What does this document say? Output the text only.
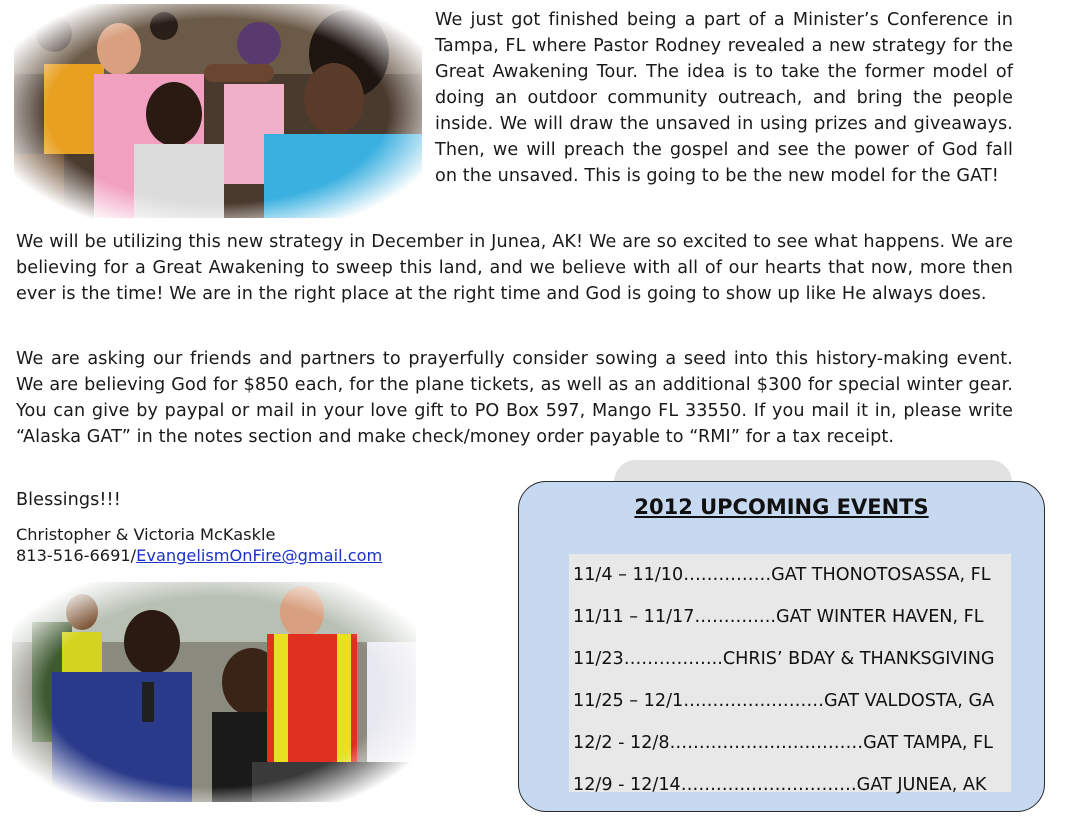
We just got finished being a part of a Minister’s Conference in Tampa, FL where Pastor Rodney revealed a new strategy for the Great Awakening Tour. The idea is to take the former model of doing an outdoor community outreach, and bring the people inside. We will draw the unsaved in using prizes and giveaways. Then, we will preach the gospel and see the power of God fall on the unsaved. This is going to be the new model for the GAT!

We will be utilizing this new strategy in December in Junea, AK! We are so excited to see what happens. We are believing for a Great Awakening to sweep this land, and we believe with all of our hearts that now, more then ever is the time! We are in the right place at the right time and God is going to show up like He always does.

We are asking our friends and partners to prayerfully consider sowing a seed into this history-making event. We are believing God for $850 each, for the plane tickets, as well as an additional $300 for special winter gear. You can give by paypal or mail in your love gift to PO Box 597, Mango FL 33550. If you mail it in, please write “Alaska GAT” in the notes section and make check/money order payable to “RMI” for a tax receipt.

Blessings!!!

Christopher & Victoria McKaskle
813-516-6691/EvangelismOnFire@gmail.com
2012 UPCOMING EVENTS
11/4 – 11/10……………GAT THONOTOSASSA, FL
11/11 – 11/17…………..GAT WINTER HAVEN, FL
11/23……………..CHRIS’ BDAY & THANKSGIVING
11/25 – 12/1……………………GAT VALDOSTA, GA
12/2 - 12/8……………………………GAT TAMPA, FL
12/9 - 12/14…………………………GAT JUNEA, AK
